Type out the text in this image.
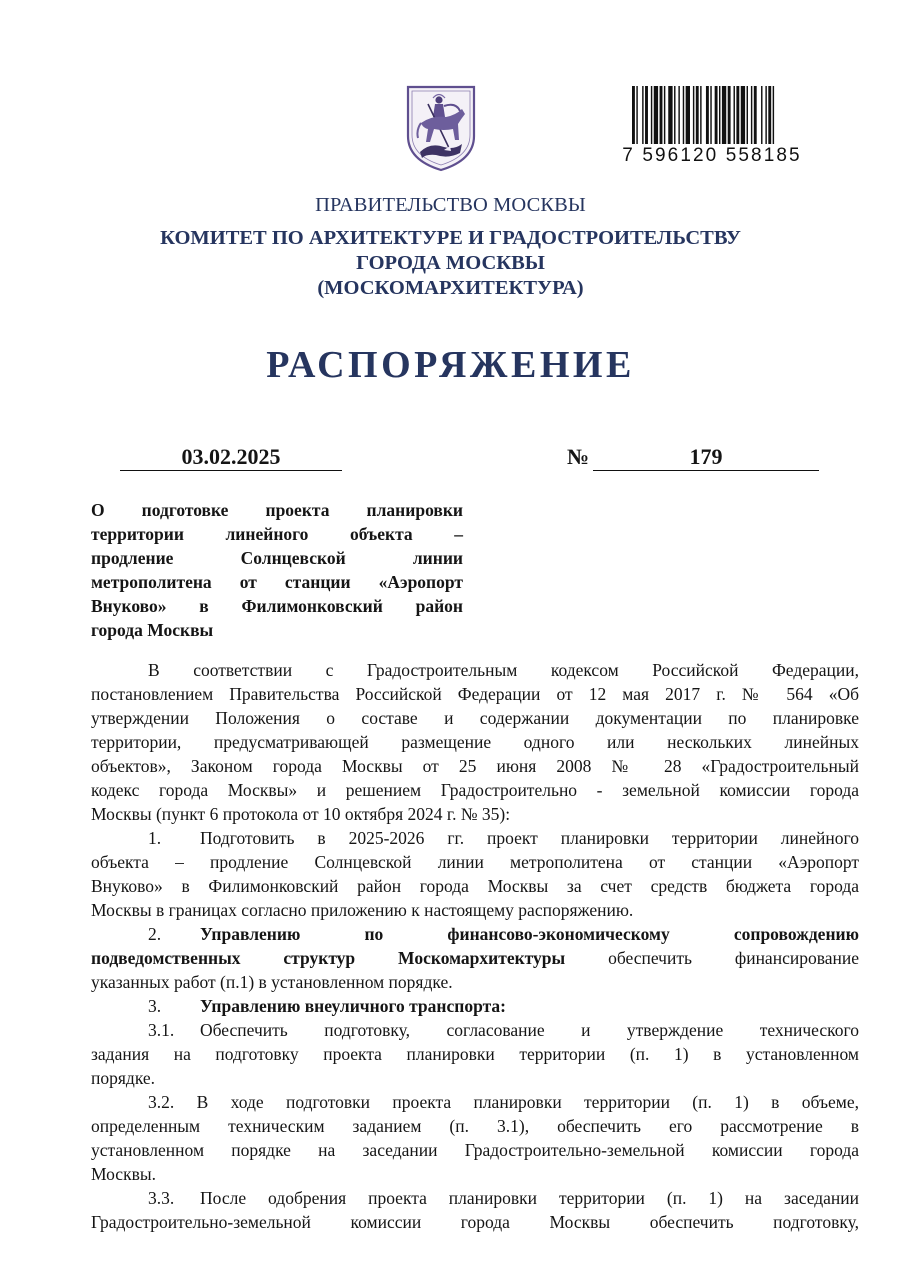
7 596120 558185
ПРАВИТЕЛЬСТВО МОСКВЫ
КОМИТЕТ ПО АРХИТЕКТУРЕ И ГРАДОСТРОИТЕЛЬСТВУ
ГОРОДА МОСКВЫ
(МОСКОМАРХИТЕКТУРА)
РАСПОРЯЖЕНИЕ
03.02.2025	№	179
О подготовке проекта планировки
территории линейного объекта –
продление Солнцевской линии
метрополитена от станции «Аэропорт
Внуково» в Филимонковский район
города Москвы
В соответствии с Градостроительным кодексом Российской Федерации,
постановлением Правительства Российской Федерации от 12 мая 2017 г. № 564 «Об
утверждении Положения о составе и содержании документации по планировке
территории, предусматривающей размещение одного или нескольких линейных
объектов», Законом города Москвы от 25 июня 2008 № 28 «Градостроительный
кодекс города Москвы» и решением Градостроительно - земельной комиссии города
Москвы (пункт 6 протокола от 10 октября 2024 г. № 35):
1. Подготовить в 2025-2026 гг. проект планировки территории линейного
объекта – продление Солнцевской линии метрополитена от станции «Аэропорт
Внуково» в Филимонковский район города Москвы за счет средств бюджета города
Москвы в границах согласно приложению к настоящему распоряжению.
2. Управлению по финансово-экономическому сопровождению
подведомственных структур Москомархитектуры обеспечить финансирование
указанных работ (п.1) в установленном порядке.
3. Управлению внеуличного транспорта:
3.1. Обеспечить подготовку, согласование и утверждение технического
задания на подготовку проекта планировки территории (п. 1) в установленном
порядке.
3.2. В ходе подготовки проекта планировки территории (п. 1) в объеме,
определенным техническим заданием (п. 3.1), обеспечить его рассмотрение в
установленном порядке на заседании Градостроительно-земельной комиссии города
Москвы.
3.3. После одобрения проекта планировки территории (п. 1) на заседании
Градостроительно-земельной комиссии города Москвы обеспечить подготовку,
